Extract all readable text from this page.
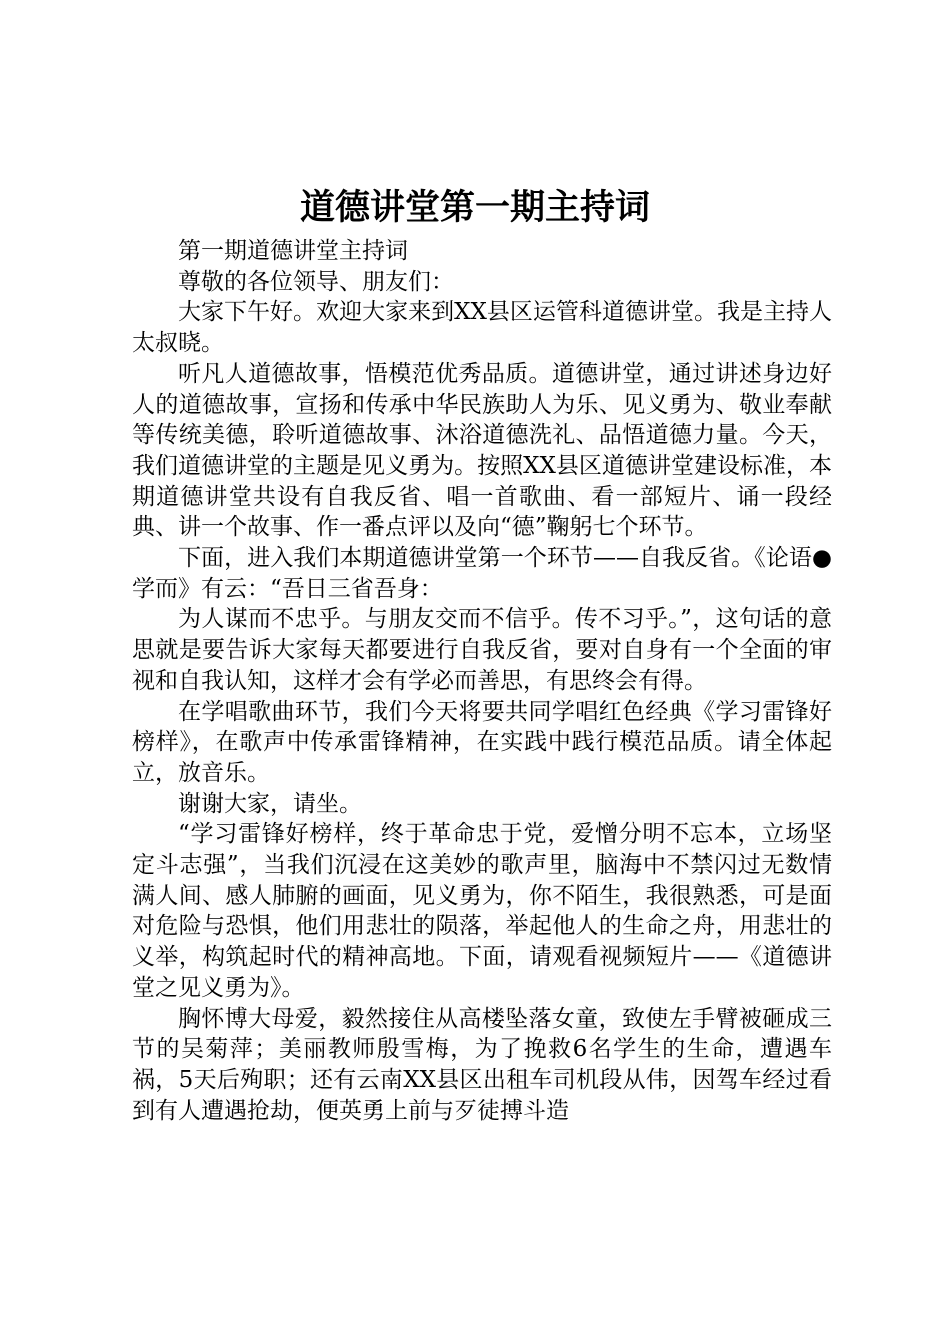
道德讲堂第一期主持词

第一期道德讲堂主持词

尊敬的各位领导、朋友们：

大家下午好。欢迎大家来到XX县区运管科道德讲堂。我是主持人太叔晓。

听凡人道德故事，悟模范优秀品质。道德讲堂，通过讲述身边好人的道德故事，宣扬和传承中华民族助人为乐、见义勇为、敬业奉献等传统美德，聆听道德故事、沐浴道德洗礼、品悟道德力量。今天，我们道德讲堂的主题是见义勇为。按照XX县区道德讲堂建设标准，本期道德讲堂共设有自我反省、唱一首歌曲、看一部短片、诵一段经典、讲一个故事、作一番点评以及向“德”鞠躬七个环节。

下面，进入我们本期道德讲堂第一个环节——自我反省。《论语●学而》有云：“吾日三省吾身：

为人谋而不忠乎。与朋友交而不信乎。传不习乎。”，这句话的意思就是要告诉大家每天都要进行自我反省，要对自身有一个全面的审视和自我认知，这样才会有学必而善思，有思终会有得。

在学唱歌曲环节，我们今天将要共同学唱红色经典《学习雷锋好榜样》，在歌声中传承雷锋精神，在实践中践行模范品质。请全体起立，放音乐。

谢谢大家，请坐。

“学习雷锋好榜样，终于革命忠于党，爱憎分明不忘本，立场坚定斗志强”，当我们沉浸在这美妙的歌声里，脑海中不禁闪过无数情满人间、感人肺腑的画面，见义勇为，你不陌生，我很熟悉，可是面对危险与恐惧，他们用悲壮的陨落，举起他人的生命之舟，用悲壮的义举，构筑起时代的精神高地。下面，请观看视频短片——《道德讲堂之见义勇为》。

胸怀博大母爱，毅然接住从高楼坠落女童，致使左手臂被砸成三节的吴菊萍；美丽教师殷雪梅，为了挽救6名学生的生命，遭遇车祸，5天后殉职；还有云南XX县区出租车司机段从伟，因驾车经过看到有人遭遇抢劫，便英勇上前与歹徒搏斗造
